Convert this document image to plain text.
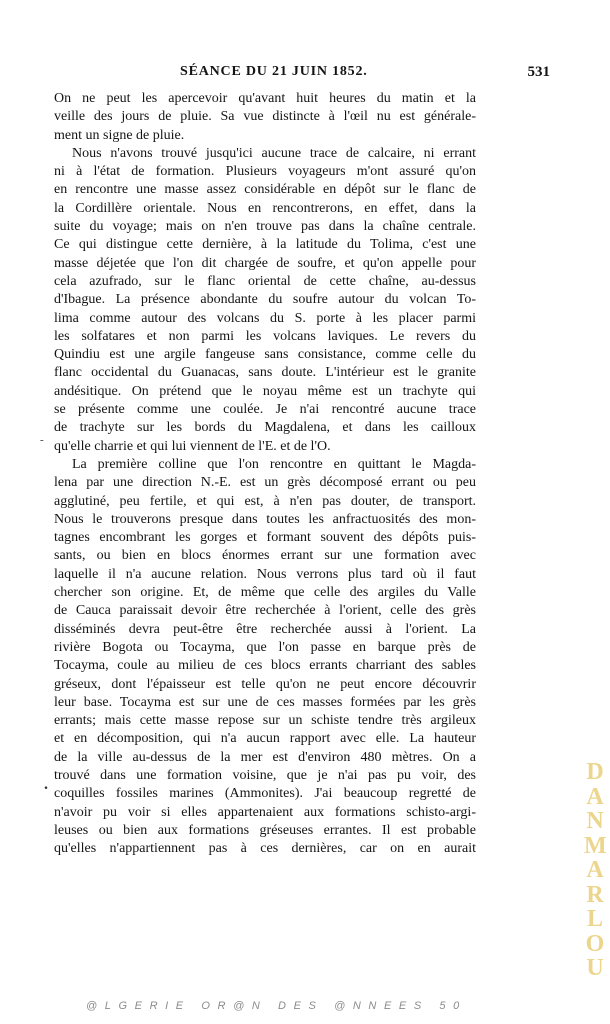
SÉANCE DU 21 JUIN 1852.	531
On ne peut les apercevoir qu'avant huit heures du matin et la
veille des jours de pluie. Sa vue distincte à l'œil nu est générale-
ment un signe de pluie.
Nous n'avons trouvé jusqu'ici aucune trace de calcaire, ni errant
ni à l'état de formation. Plusieurs voyageurs m'ont assuré qu'on
en rencontre une masse assez considérable en dépôt sur le flanc de
la Cordillère orientale. Nous en rencontrerons, en effet, dans la
suite du voyage; mais on n'en trouve pas dans la chaîne centrale.
Ce qui distingue cette dernière, à la latitude du Tolima, c'est une
masse déjetée que l'on dit chargée de soufre, et qu'on appelle pour
cela azufrado, sur le flanc oriental de cette chaîne, au-dessus
d'Ibague. La présence abondante du soufre autour du volcan To-
lima comme autour des volcans du S. porte à les placer parmi
les solfatares et non parmi les volcans laviques. Le revers du
Quindiu est une argile fangeuse sans consistance, comme celle du
flanc occidental du Guanacas, sans doute. L'intérieur est le granite
andésitique. On prétend que le noyau même est un trachyte qui
se présente comme une coulée. Je n'ai rencontré aucune trace
de trachyte sur les bords du Magdalena, et dans les cailloux
qu'elle charrie et qui lui viennent de l'E. et de l'O.
La première colline que l'on rencontre en quittant le Magda-
lena par une direction N.-E. est un grès décomposé errant ou peu
agglutiné, peu fertile, et qui est, à n'en pas douter, de transport.
Nous le trouverons presque dans toutes les anfractuosités des mon-
tagnes encombrant les gorges et formant souvent des dépôts puis-
sants, ou bien en blocs énormes errant sur une formation avec
laquelle il n'a aucune relation. Nous verrons plus tard où il faut
chercher son origine. Et, de même que celle des argiles du Valle
de Cauca paraissait devoir être recherchée à l'orient, celle des grès
disséminés devra peut-être être recherchée aussi à l'orient. La
rivière Bogota ou Tocayma, que l'on passe en barque près de
Tocayma, coule au milieu de ces blocs errants charriant des sables
gréseux, dont l'épaisseur est telle qu'on ne peut encore découvrir
leur base. Tocayma est sur une de ces masses formées par les grès
errants; mais cette masse repose sur un schiste tendre très argileux
et en décomposition, qui n'a aucun rapport avec elle. La hauteur
de la ville au-dessus de la mer est d'environ 480 mètres. On a
trouvé dans une formation voisine, que je n'ai pas pu voir, des
coquilles fossiles marines (Ammonites). J'ai beaucoup regretté de
n'avoir pu voir si elles appartenaient aux formations schisto-argi-
leuses ou bien aux formations gréseuses errantes. Il est probable
qu'elles n'appartiennent pas à ces dernières, car on en aurait
-
.	DANMARLOU
@LGERIE OR@N DES @NNEES 50
